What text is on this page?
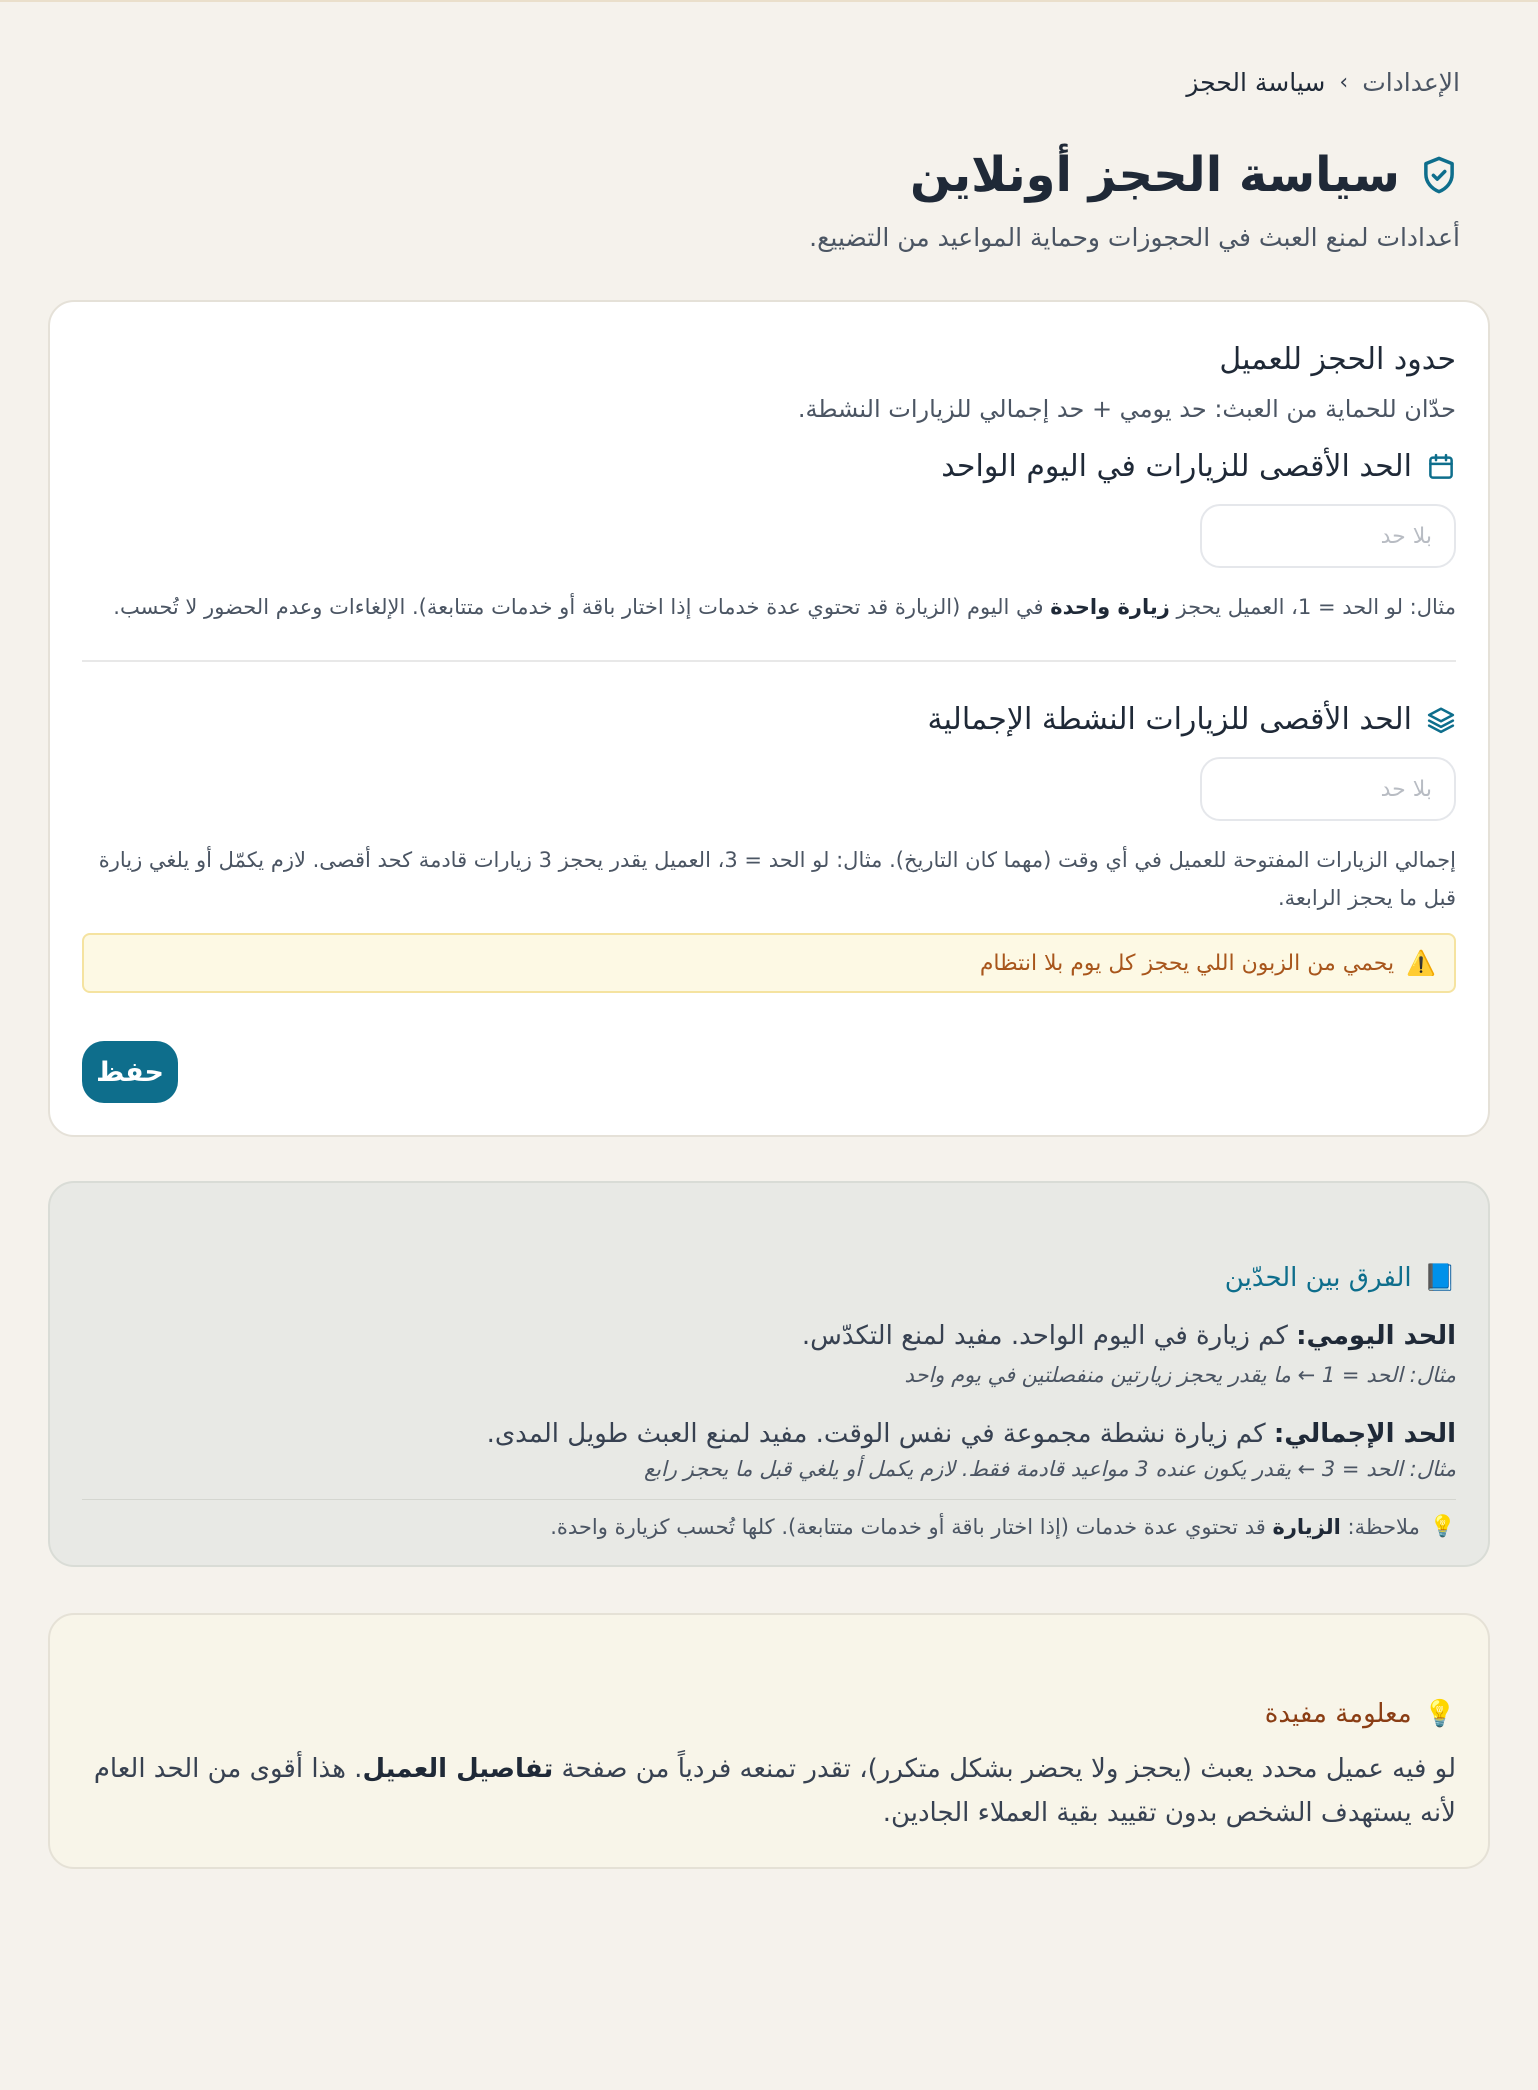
الإعدادات
›
سياسة الحجز
سياسة الحجز أونلاين

أعدادات لمنع العبث في الحجوزات وحماية المواعيد من التضييع.

حدود الحجز للعميل

حدّان للحماية من العبث: حد يومي + حد إجمالي للزيارات النشطة.

الحد الأقصى للزيارات في اليوم الواحد
بلا حد

مثال: لو الحد = 1، العميل يحجز زيارة واحدة في اليوم (الزيارة قد تحتوي عدة خدمات إذا اختار باقة أو خدمات متتابعة). الإلغاءات وعدم الحضور لا تُحسب.

الحد الأقصى للزيارات النشطة الإجمالية
بلا حد

إجمالي الزيارات المفتوحة للعميل في أي وقت (مهما كان التاريخ). مثال: لو الحد = 3، العميل يقدر يحجز 3 زيارات قادمة كحد أقصى. لازم يكمّل أو يلغي زيارة قبل ما يحجز الرابعة.

⚠️
يحمي من الزبون اللي يحجز كل يوم بلا انتظام
حفظ
📘
الفرق بين الحدّين

الحد اليومي: كم زيارة في اليوم الواحد. مفيد لمنع التكدّس.

مثال: الحد = 1 ← ما يقدر يحجز زيارتين منفصلتين في يوم واحد

الحد الإجمالي: كم زيارة نشطة مجموعة في نفس الوقت. مفيد لمنع العبث طويل المدى.

مثال: الحد = 3 ← يقدر يكون عنده 3 مواعيد قادمة فقط. لازم يكمل أو يلغي قبل ما يحجز رابع

💡
ملاحظة: الزيارة قد تحتوي عدة خدمات (إذا اختار باقة أو خدمات متتابعة). كلها تُحسب كزيارة واحدة.

💡
معلومة مفيدة

لو فيه عميل محدد يعبث (يحجز ولا يحضر بشكل متكرر)، تقدر تمنعه فردياً من صفحة تفاصيل العميل. هذا أقوى من الحد العام لأنه يستهدف الشخص بدون تقييد بقية العملاء الجادين.
